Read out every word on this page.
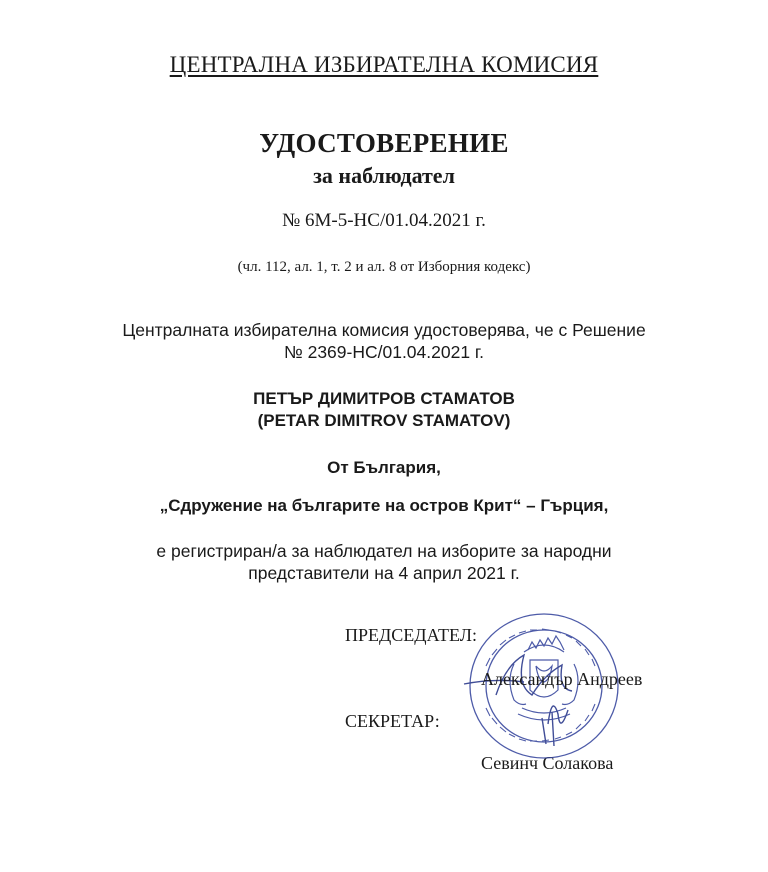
ЦЕНТРАЛНА ИЗБИРАТЕЛНА КОМИСИЯ
УДОСТОВЕРЕНИЕ
за наблюдател
№ 6М-5-НС/01.04.2021 г.
(чл. 112, ал. 1, т. 2 и ал. 8 от Изборния кодекс)
Централната избирателна комисия удостоверява, че с Решение
№ 2369-НС/01.04.2021 г.
ПЕТЪР ДИМИТРОВ СТАМАТОВ
(PETAR DIMITROV STAMATOV)
От България,
„Сдружение на българите на остров Крит“ – Гърция,
е регистриран/а за наблюдател на изборите за народни
представители на 4 април 2021 г.
ПРЕДСЕДАТЕЛ:
Александър Андреев
СЕКРЕТАР:
Севинч Солакова
